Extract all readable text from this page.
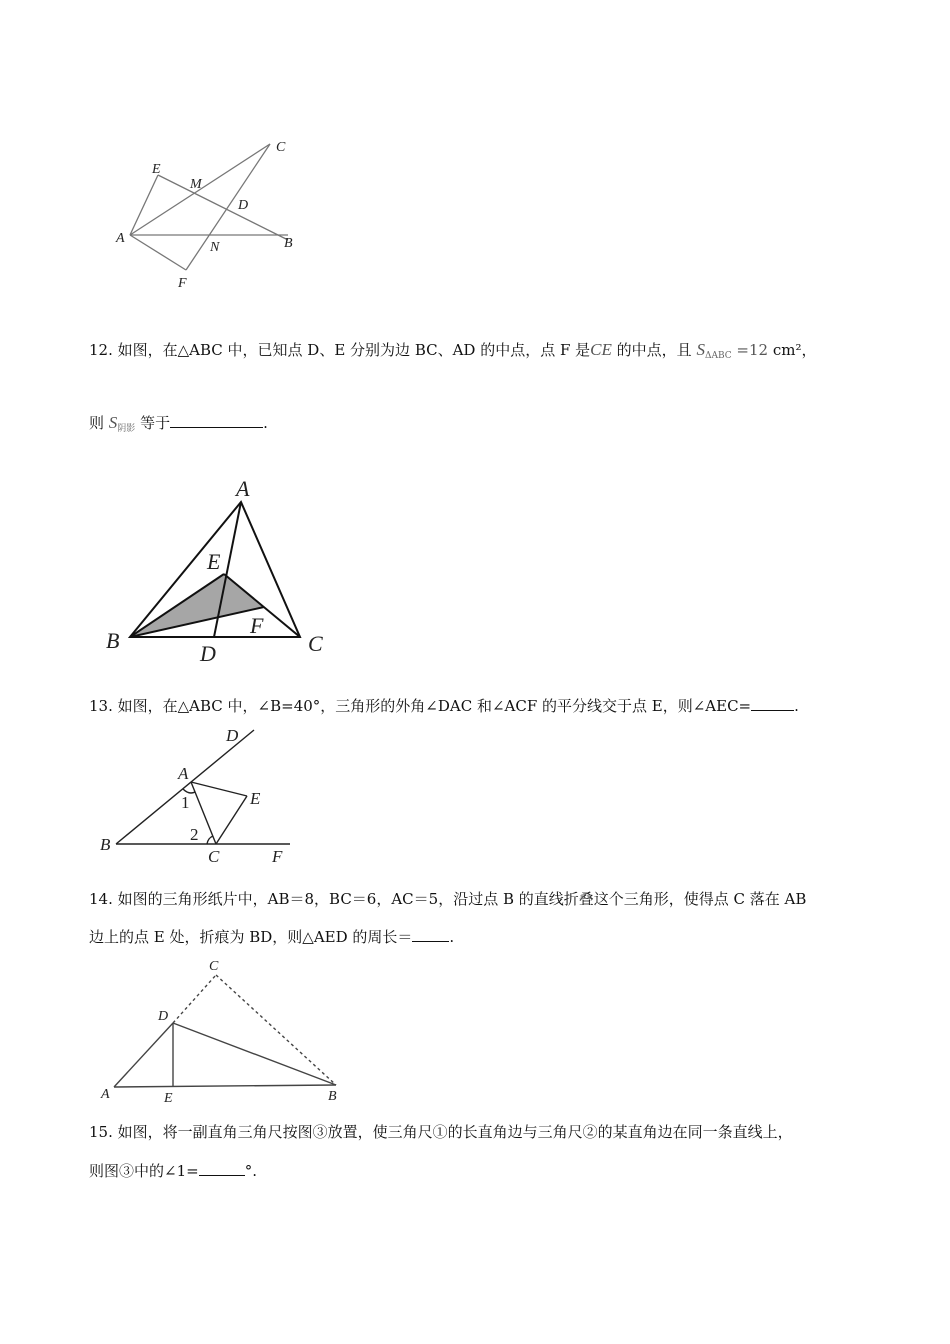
E
M
C
D
A
N	B
F
12. 如图，在△ABC 中，已知点 D、E 分别为边 BC、AD 的中点，点 F 是CE 的中点，且 $S_{\Delta ABC} =12$ cm²，
则 $S_{阴影}$ 等于	.
A
E
B
F
C
D
13. 如图，在△ABC 中，∠B=40°，三角形的外角∠DAC 和∠ACF 的平分线交于点 E，则∠AEC=	.
D
A
E
1
2
B
C	F
14. 如图的三角形纸片中，AB＝8，BC＝6，AC＝5，沿过点 B 的直线折叠这个三角形，使得点 C 落在 AB
边上的点 E 处，折痕为 BD，则△AED 的周长＝ .
C
D
A	E	B
15. 如图，将一副直角三角尺按图③放置，使三角尺①的长直角边与三角尺②的某直角边在同一条直线上，
则图③中的∠1=	°.
